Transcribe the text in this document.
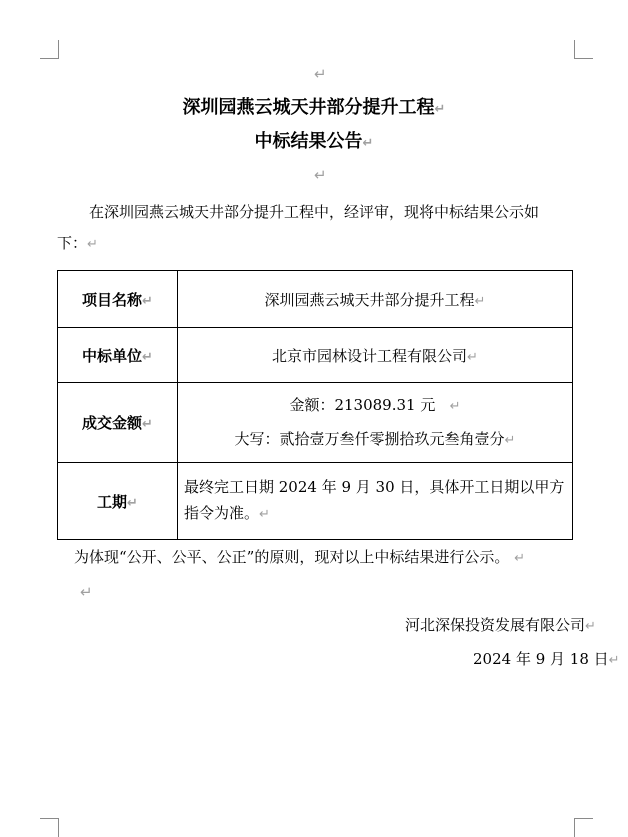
↵
深圳园燕云城天井部分提升工程↵
中标结果公告↵
↵
在深圳园燕云城天井部分提升工程中，经评审，现将中标结果公示如
下：↵
项目名称↵	深圳园燕云城天井部分提升工程↵
中标单位↵	北京市园林设计工程有限公司↵
成交金额↵	金额：213089.31 元 ↵
大写：贰拾壹万叁仟零捌拾玖元叁角壹分↵

工期↵	最终完工日期 2024 年 9 月 30 日，具体开工日期以甲方指令为准。↵
为体现“公开、公平、公正”的原则，现对以上中标结果进行公示。 ↵
↵
河北深保投资发展有限公司↵
2024 年 9 月 18 日↵
